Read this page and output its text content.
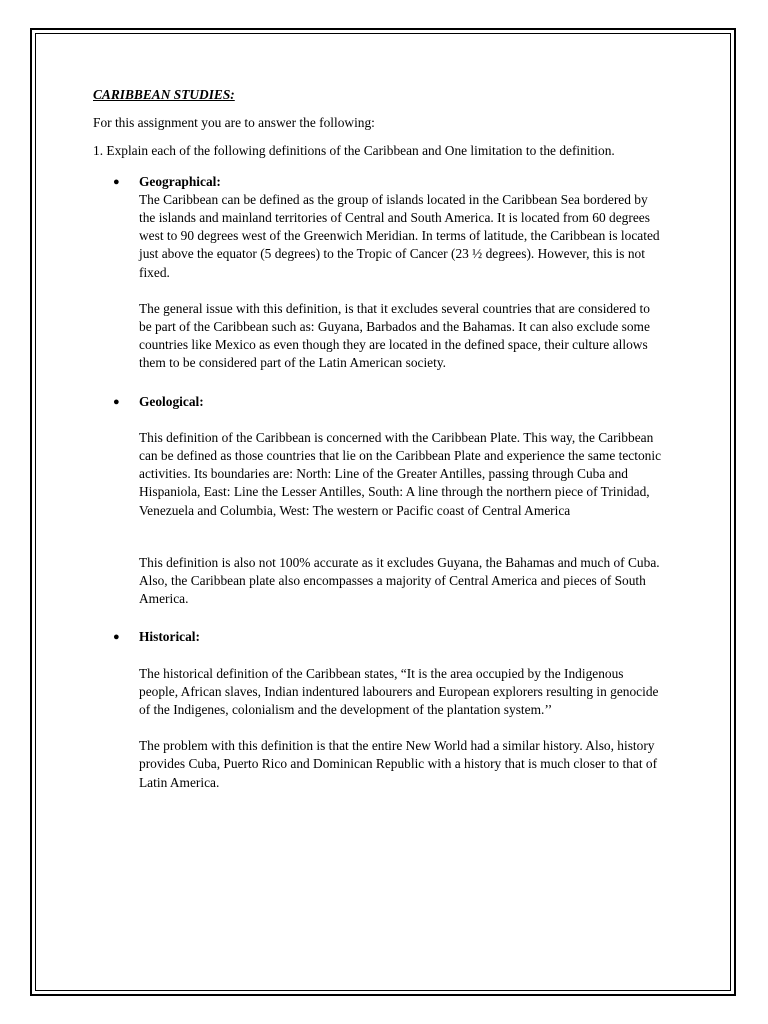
CARIBBEAN STUDIES:

For this assignment you are to answer the following:

1. Explain each of the following definitions of the Caribbean and One limitation to the definition.

● Geographical:

The Caribbean can be defined as the group of islands located in the Caribbean Sea bordered by the islands and mainland territories of Central and South America. It is located from 60 degrees west to 90 degrees west of the Greenwich Meridian. In terms of latitude, the Caribbean is located just above the equator (5 degrees) to the Tropic of Cancer (23 ½ degrees). However, this is not fixed.

The general issue with this definition, is that it excludes several countries that are considered to be part of the Caribbean such as: Guyana, Barbados and the Bahamas. It can also exclude some countries like Mexico as even though they are located in the defined space, their culture allows them to be considered part of the Latin American society.

● Geological:

This definition of the Caribbean is concerned with the Caribbean Plate. This way, the Caribbean can be defined as those countries that lie on the Caribbean Plate and experience the same tectonic activities. Its boundaries are: North: Line of the Greater Antilles, passing through Cuba and Hispaniola, East: Line the Lesser Antilles, South: A line through the northern piece of Trinidad, Venezuela and Columbia, West: The western or Pacific coast of Central America

This definition is also not 100% accurate as it excludes Guyana, the Bahamas and much of Cuba. Also, the Caribbean plate also encompasses a majority of Central America and pieces of South America.

● Historical:

The historical definition of the Caribbean states, “It is the area occupied by the Indigenous people, African slaves, Indian indentured labourers and European explorers resulting in genocide of the Indigenes, colonialism and the development of the plantation system.’’

The problem with this definition is that the entire New World had a similar history. Also, history provides Cuba, Puerto Rico and Dominican Republic with a history that is much closer to that of Latin America.
